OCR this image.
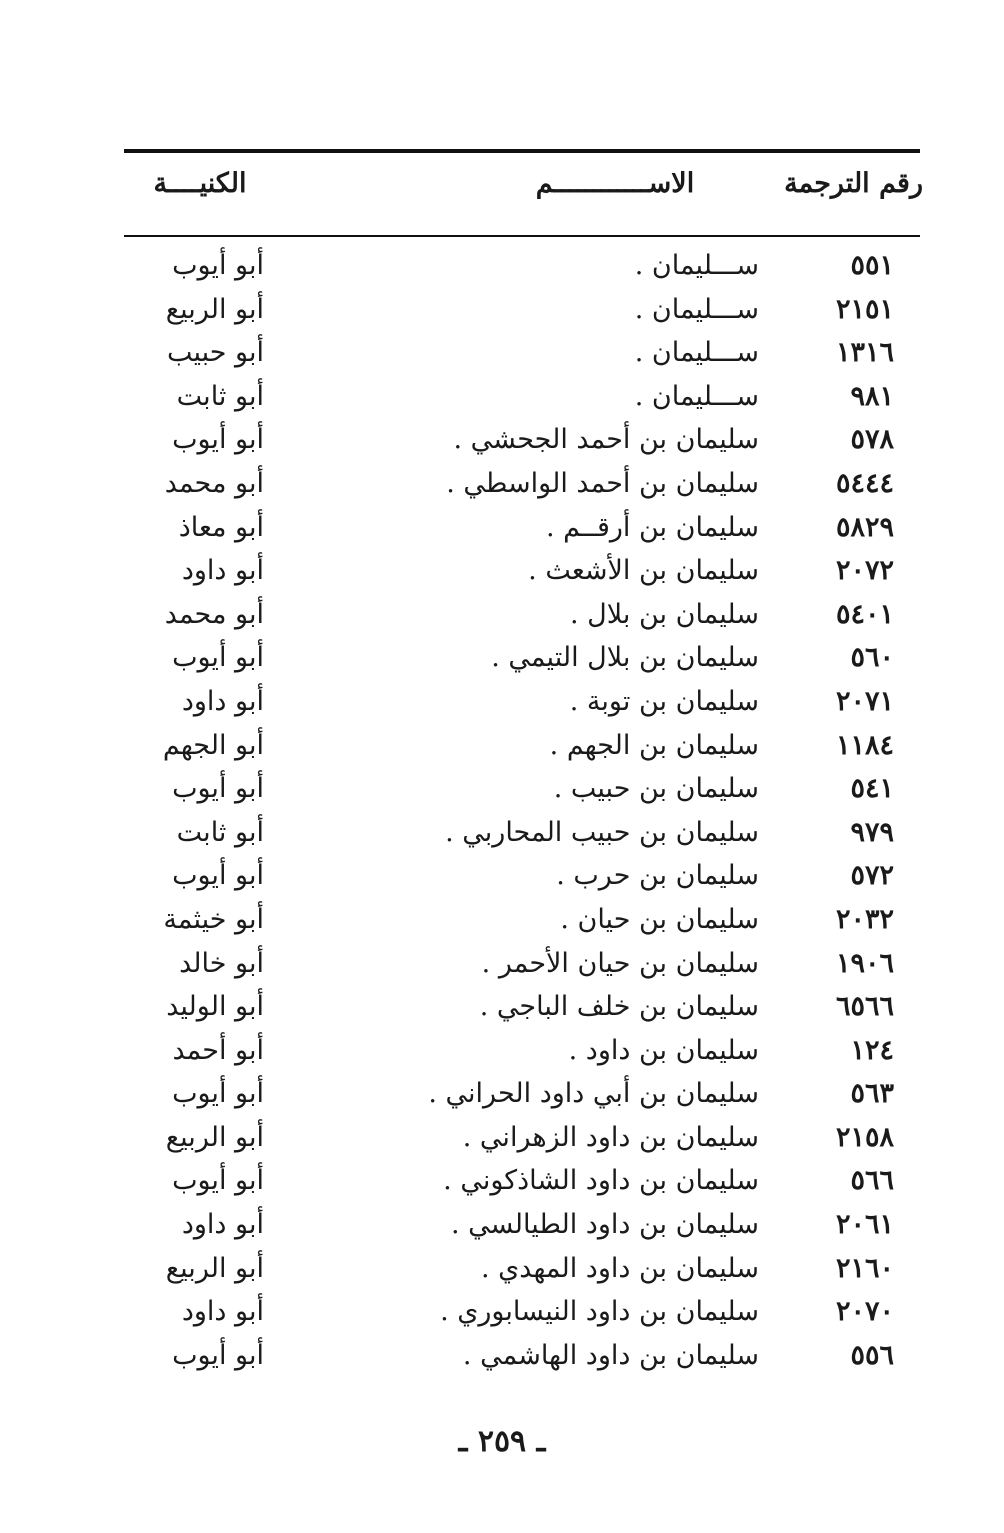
رقم الترجمة
الاســــــــــــم
الكنيــــة
٥٥١
ســـليمان .
أبو أيوب
٢١٥١
ســـليمان .
أبو الربيع
١٣١٦
ســـليمان .
أبو حبيب
٩٨١
ســـليمان .
أبو ثابت
٥٧٨
سليمان بن أحمد الجحشي .
أبو أيوب
٥٤٤٤
سليمان بن أحمد الواسطي .
أبو محمد
٥٨٢٩
سليمان بن أرقــم .
أبو معاذ
٢٠٧٢
سليمان بن الأشعث .
أبو داود
٥٤٠١
سليمان بن بلال .
أبو محمد
٥٦٠
سليمان بن بلال التيمي .
أبو أيوب
٢٠٧١
سليمان بن توبة .
أبو داود
١١٨٤
سليمان بن الجهم .
أبو الجهم
٥٤١
سليمان بن حبيب .
أبو أيوب
٩٧٩
سليمان بن حبيب المحاربي .
أبو ثابت
٥٧٢
سليمان بن حرب .
أبو أيوب
٢٠٣٢
سليمان بن حيان .
أبو خيثمة
١٩٠٦
سليمان بن حيان الأحمر .
أبو خالد
٦٥٦٦
سليمان بن خلف الباجي .
أبو الوليد
١٢٤
سليمان بن داود .
أبو أحمد
٥٦٣
سليمان بن أبي داود الحراني .
أبو أيوب
٢١٥٨
سليمان بن داود الزهراني .
أبو الربيع
٥٦٦
سليمان بن داود الشاذكوني .
أبو أيوب
٢٠٦١
سليمان بن داود الطيالسي .
أبو داود
٢١٦٠
سليمان بن داود المهدي .
أبو الربيع
٢٠٧٠
سليمان بن داود النيسابوري .
أبو داود
٥٥٦
سليمان بن داود الهاشمي .
أبو أيوب
ـ ٢٥٩ ـ
